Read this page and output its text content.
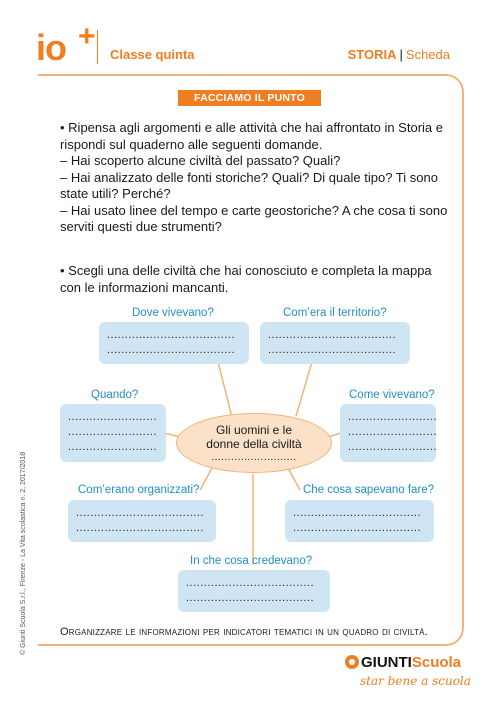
io +
Classe quinta	STORIA | Scheda
FACCIAMO IL PUNTO
• Ripensa agli argomenti e alle attività che hai affrontato in Storia e rispondi sul quaderno alle seguenti domande.
– Hai scoperto alcune civiltà del passato? Quali?
– Hai analizzato delle fonti storiche? Quali? Di quale tipo? Ti sono state utili? Perché?
– Hai usato linee del tempo e carte geostoriche? A che cosa ti sono serviti questi due strumenti?
• Scegli una delle civiltà che hai conosciuto e completa la mappa con le informazioni mancanti.
Dove vivevano?
....................................
....................................
Com’era il territorio?
....................................
....................................
Quando?
.........................
.........................
.........................
Come vivevano?
.........................
.........................
.........................
Gli uomini e le
donne della civiltà
..........................
Com’erano organizzati?
....................................
....................................
Che cosa sapevano fare?
....................................
....................................
In che cosa credevano?
....................................
....................................
Organizzare le informazioni per indicatori tematici in un quadro di civiltà.
© Giunti Scuola S.r.l., Firenze - La Vita scolastica n. 2, 2017/2018
GIUNTIScuola
star bene a scuola
